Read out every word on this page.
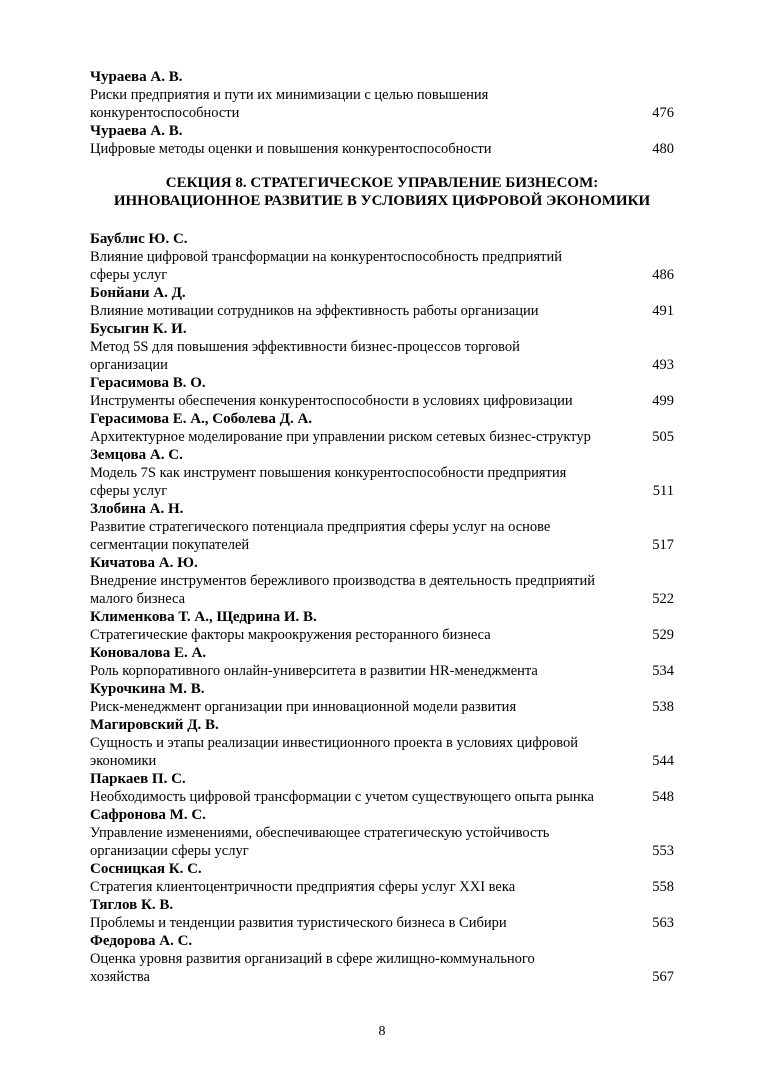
Чураева А. В.
Риски предприятия и пути их минимизации с целью повышения
конкурентоспособности	476
Чураева А. В.
Цифровые методы оценки и повышения конкурентоспособности	480
СЕКЦИЯ 8. СТРАТЕГИЧЕСКОЕ УПРАВЛЕНИЕ БИЗНЕСОМ:
ИННОВАЦИОННОЕ РАЗВИТИЕ В УСЛОВИЯХ ЦИФРОВОЙ ЭКОНОМИКИ
Баублис Ю. С.
Влияние цифровой трансформации на конкурентоспособность предприятий
сферы услуг	486
Бонйани А. Д.
Влияние мотивации сотрудников на эффективность работы организации	491
Бусыгин К. И.
Метод 5S для повышения эффективности бизнес-процессов торговой
организации	493
Герасимова В. О.
Инструменты обеспечения конкурентоспособности в условиях цифровизации	499
Герасимова Е. А., Соболева Д. А.
Архитектурное моделирование при управлении риском сетевых бизнес-структур	505
Земцова А. С.
Модель 7S как инструмент повышения конкурентоспособности предприятия
сферы услуг	511
Злобина А. Н.
Развитие стратегического потенциала предприятия сферы услуг на основе
сегментации покупателей	517
Кичатова А. Ю.
Внедрение инструментов бережливого производства в деятельность предприятий
малого бизнеса	522
Клименкова Т. А., Щедрина И. В.
Стратегические факторы макроокружения ресторанного бизнеса	529
Коновалова Е. А.
Роль корпоративного онлайн-университета в развитии HR-менеджмента	534
Курочкина М. В.
Риск-менеджмент организации при инновационной модели развития	538
Магировский Д. В.
Сущность и этапы реализации инвестиционного проекта в условиях цифровой
экономики	544
Паркаев П. С.
Необходимость цифровой трансформации с учетом существующего опыта рынка	548
Сафронова М. С.
Управление изменениями, обеспечивающее стратегическую устойчивость
организации сферы услуг	553
Сосницкая К. С.
Стратегия клиентоцентричности предприятия сферы услуг XXI века	558
Тяглов К. В.
Проблемы и тенденции развития туристического бизнеса в Сибири	563
Федорова А. С.
Оценка уровня развития организаций в сфере жилищно-коммунального
хозяйства	567
8
